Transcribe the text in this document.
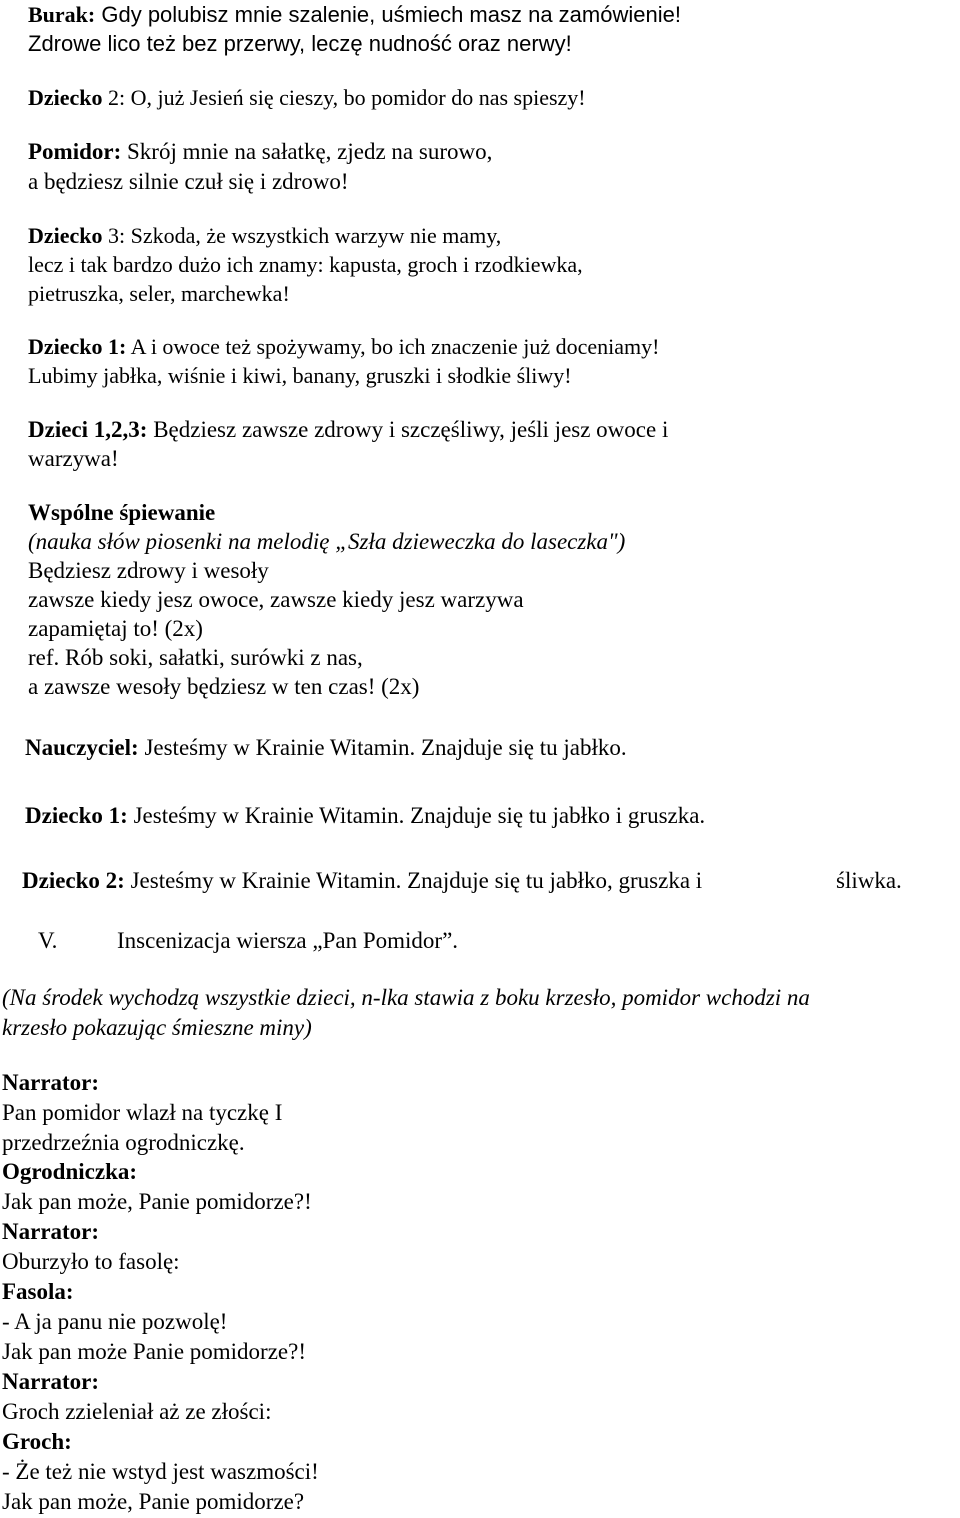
Burak: Gdy polubisz mnie szalenie, uśmiech masz na zamówienie!
Zdrowe lico też bez przerwy, leczę nudność oraz nerwy!
Dziecko 2: O, już Jesień się cieszy, bo pomidor do nas spieszy!
Pomidor: Skrój mnie na sałatkę, zjedz na surowo,
a będziesz silnie czuł się i zdrowo!
Dziecko 3: Szkoda, że wszystkich warzyw nie mamy,
lecz i tak bardzo dużo ich znamy: kapusta, groch i rzodkiewka,
pietruszka, seler, marchewka!
Dziecko 1: A i owoce też spożywamy, bo ich znaczenie już doceniamy!
Lubimy jabłka, wiśnie i kiwi, banany, gruszki i słodkie śliwy!
Dzieci 1,2,3: Będziesz zawsze zdrowy i szczęśliwy, jeśli jesz owoce i
warzywa!
Wspólne śpiewanie
(nauka słów piosenki na melodię „Szła dzieweczka do laseczka")
Będziesz zdrowy i wesoły
zawsze kiedy jesz owoce, zawsze kiedy jesz warzywa
zapamiętaj to! (2x)
ref. Rób soki, sałatki, surówki z nas,
a zawsze wesoły będziesz w ten czas! (2x)
Nauczyciel: Jesteśmy w Krainie Witamin. Znajduje się tu jabłko.
Dziecko 1: Jesteśmy w Krainie Witamin. Znajduje się tu jabłko i gruszka.
Dziecko 2: Jesteśmy w Krainie Witamin. Znajduje się tu jabłko, gruszka i	śliwka.
V.	Inscenizacja wiersza „Pan Pomidor”.
(Na środek wychodzą wszystkie dzieci, n-lka stawia z boku krzesło, pomidor wchodzi na
krzesło pokazując śmieszne miny)
Narrator:
Pan pomidor wlazł na tyczkę I
przedrzeźnia ogrodniczkę.
Ogrodniczka:
Jak pan może, Panie pomidorze?!
Narrator:
Oburzyło to fasolę:
Fasola:
- A ja panu nie pozwolę!
Jak pan może Panie pomidorze?!
Narrator:
Groch zzieleniał aż ze złości:
Groch:
- Że też nie wstyd jest waszmości!
Jak pan może, Panie pomidorze?
